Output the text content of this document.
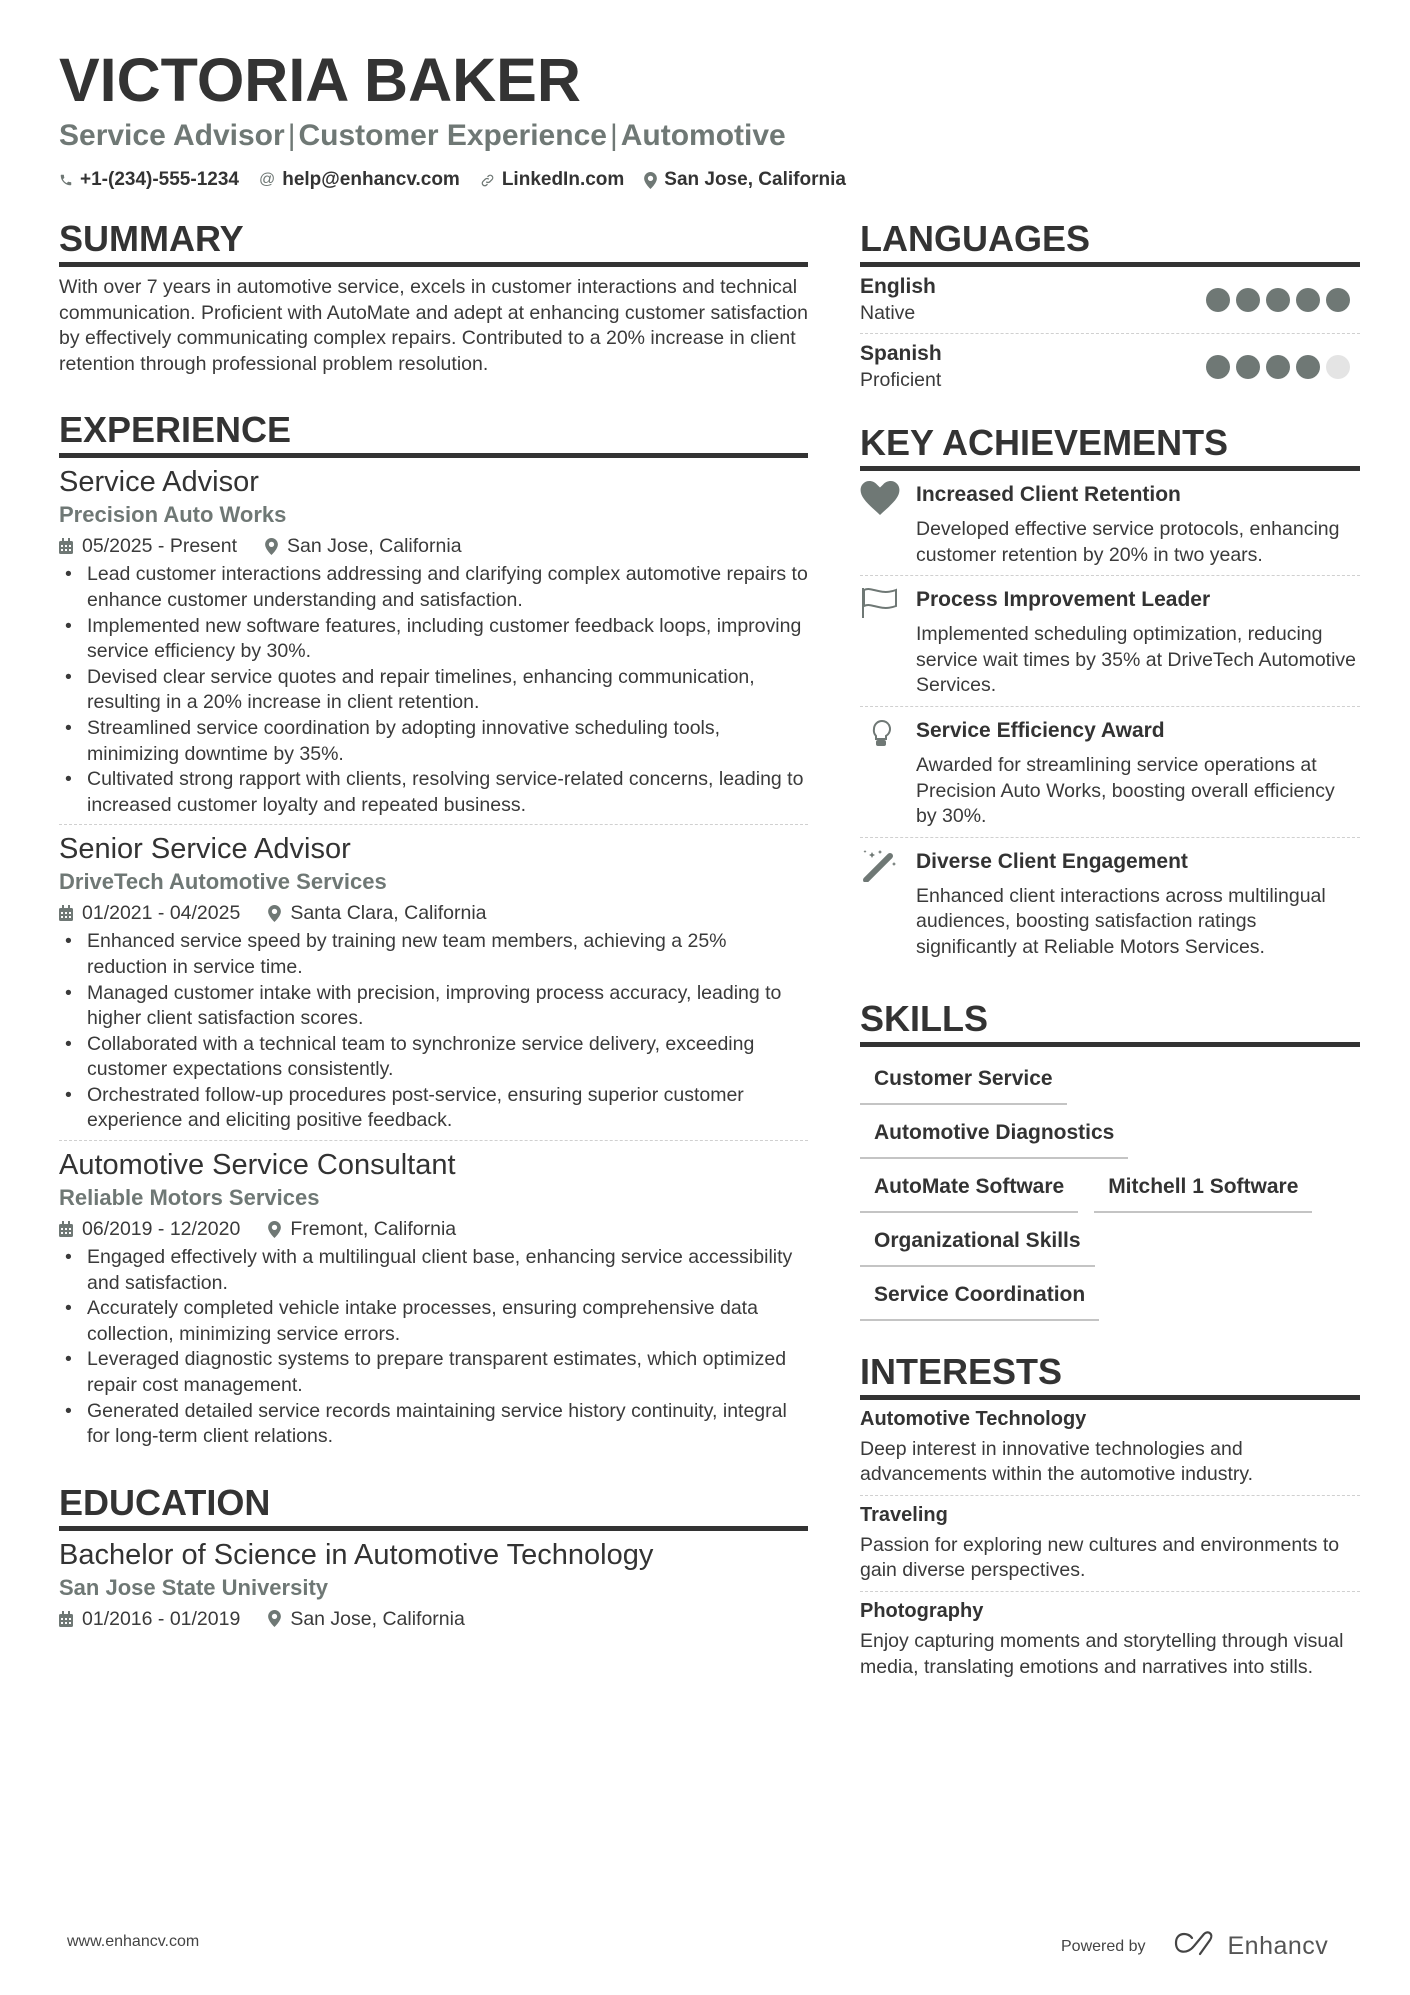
VICTORIA BAKER
Service Advisor | Customer Experience | Automotive
+1-(234)-555-1234 @ help@enhancv.com LinkedIn.com San Jose, California
SUMMARY

With over 7 years in automotive service, excels in customer interactions and technical communication. Proficient with AutoMate and adept at enhancing customer satisfaction by effectively communicating complex repairs. Contributed to a 20% increase in client retention through professional problem resolution.

EXPERIENCE
Service Advisor
Precision Auto Works
05/2025 - Present	San Jose, California
• Lead customer interactions addressing and clarifying complex automotive repairs to enhance customer understanding and satisfaction.
• Implemented new software features, including customer feedback loops, improving service efficiency by 30%.
• Devised clear service quotes and repair timelines, enhancing communication, resulting in a 20% increase in client retention.
• Streamlined service coordination by adopting innovative scheduling tools, minimizing downtime by 35%.
• Cultivated strong rapport with clients, resolving service-related concerns, leading to increased customer loyalty and repeated business.
Senior Service Advisor
DriveTech Automotive Services
01/2021 - 04/2025	Santa Clara, California
• Enhanced service speed by training new team members, achieving a 25% reduction in service time.
• Managed customer intake with precision, improving process accuracy, leading to higher client satisfaction scores.
• Collaborated with a technical team to synchronize service delivery, exceeding customer expectations consistently.
• Orchestrated follow-up procedures post-service, ensuring superior customer experience and eliciting positive feedback.
Automotive Service Consultant
Reliable Motors Services
06/2019 - 12/2020	Fremont, California
• Engaged effectively with a multilingual client base, enhancing service accessibility and satisfaction.
• Accurately completed vehicle intake processes, ensuring comprehensive data collection, minimizing service errors.
• Leveraged diagnostic systems to prepare transparent estimates, which optimized repair cost management.
• Generated detailed service records maintaining service history continuity, integral for long-term client relations.
EDUCATION
Bachelor of Science in Automotive Technology
San Jose State University
01/2016 - 01/2019	San Jose, California
LANGUAGES
English
Native
Spanish
Proficient
KEY ACHIEVEMENTS
Increased Client Retention
Developed effective service protocols, enhancing customer retention by 20% in two years.
Process Improvement Leader
Implemented scheduling optimization, reducing service wait times by 35% at DriveTech Automotive Services.
Service Efficiency Award
Awarded for streamlining service operations at Precision Auto Works, boosting overall efficiency by 30%.
Diverse Client Engagement
Enhanced client interactions across multilingual audiences, boosting satisfaction ratings significantly at Reliable Motors Services.
SKILLS
Customer Service
Automotive Diagnostics
AutoMate Software Mitchell 1 Software
Organizational Skills
Service Coordination
INTERESTS
Automotive Technology
Deep interest in innovative technologies and advancements within the automotive industry.
Traveling
Passion for exploring new cultures and environments to gain diverse perspectives.
Photography
Enjoy capturing moments and storytelling through visual media, translating emotions and narratives into stills.
www.enhancv.com	Powered by	Enhancv
